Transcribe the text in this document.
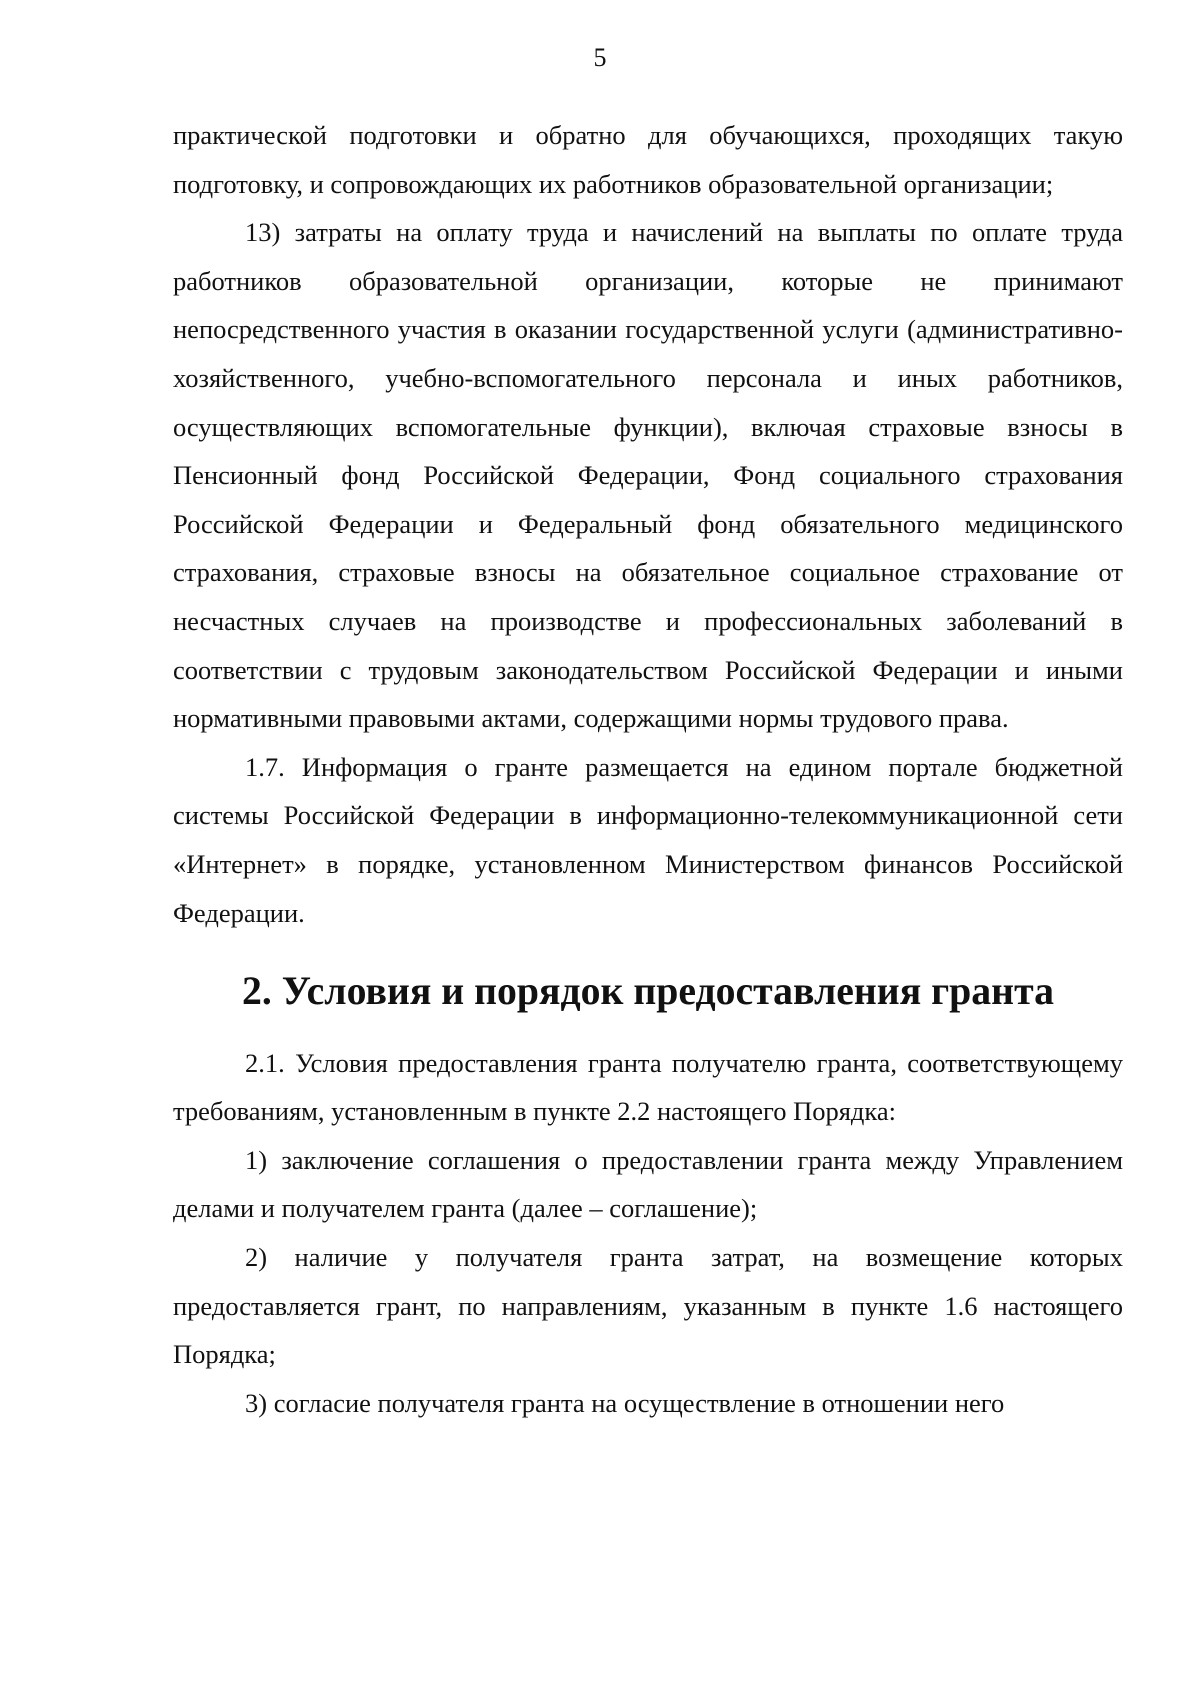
5

практической подготовки и обратно для обучающихся, проходящих такую подготовку, и сопровождающих их работников образовательной организации;

13) затраты на оплату труда и начислений на выплаты по оплате труда работников образовательной организации, которые не принимают непосредственного участия в оказании государственной услуги (административно-хозяйственного, учебно-вспомогательного персонала и иных работников, осуществляющих вспомогательные функции), включая страховые взносы в Пенсионный фонд Российской Федерации, Фонд социального страхования Российской Федерации и Федеральный фонд обязательного медицинского страхования, страховые взносы на обязательное социальное страхование от несчастных случаев на производстве и профессиональных заболеваний в соответствии с трудовым законодательством Российской Федерации и иными нормативными правовыми актами, содержащими нормы трудового права.

1.7. Информация о гранте размещается на едином портале бюджетной системы Российской Федерации в информационно-телекоммуникационной сети «Интернет» в порядке, установленном Министерством финансов Российской Федерации.

2. Условия и порядок предоставления гранта

2.1. Условия предоставления гранта получателю гранта, соответствующему требованиям, установленным в пункте 2.2 настоящего Порядка:

1) заключение соглашения о предоставлении гранта между Управлением делами и получателем гранта (далее – соглашение);

2) наличие у получателя гранта затрат, на возмещение которых предоставляется грант, по направлениям, указанным в пункте 1.6 настоящего Порядка;

3) согласие получателя гранта на осуществление в отношении него
